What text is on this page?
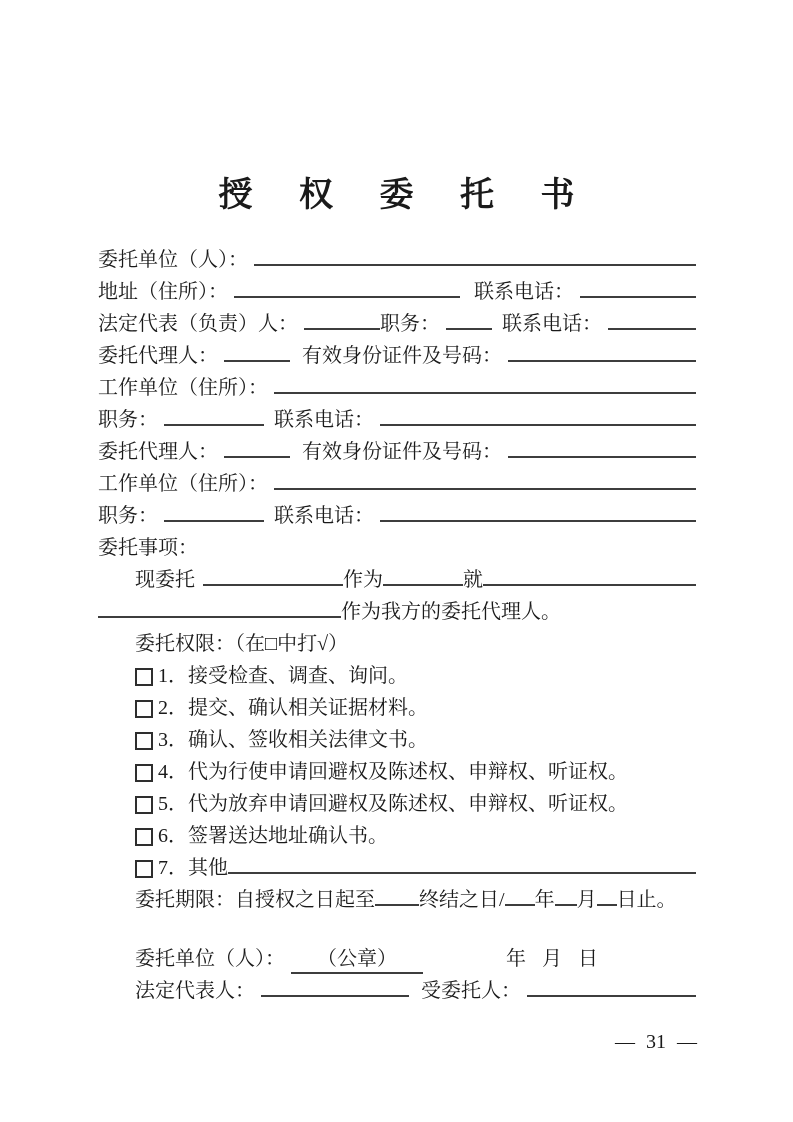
授 权 委 托 书
委托单位（人）：
地址（住所）：	联系电话：
法定代表（负责）人：	职务：	联系电话：
委托代理人：	有效身份证件及号码：
工作单位（住所）：
职务：	联系电话：
委托代理人：	有效身份证件及号码：
工作单位（住所）：
职务：	联系电话：
委托事项：
现委托	作为	就
作为我方的委托代理人。
委托权限：（在□中打√）
1．接受检查、调查、询问。
2．提交、确认相关证据材料。
3．确认、签收相关法律文书。
4．代为行使申请回避权及陈述权、申辩权、听证权。
5．代为放弃申请回避权及陈述权、申辩权、听证权。
6．签署送达地址确认书。
7．其他
委托期限：自授权之日起至 终结之日/ 年 月 日止。
委托单位（人）：	（公章）	年 月 日
法定代表人：	受委托人：
— 31 —
